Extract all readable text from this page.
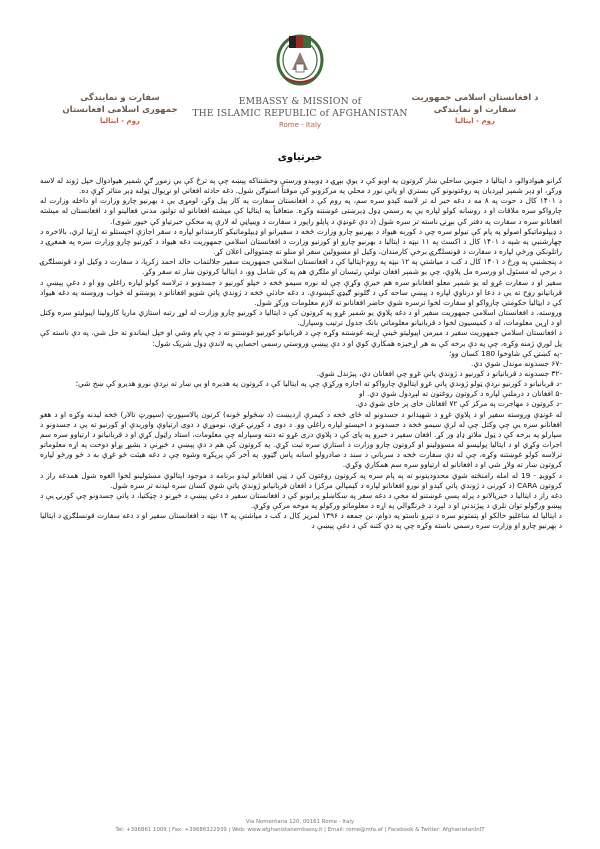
سفارت و نمایندگی
جمهوری اسلامی افغانستان
روم - ایتالیا
EMBASSY & MISSION of
THE ISLAMIC REPUBLIC of AFGHANISTAN
Rome - Italy
د افغانستان اسلامی جمهوریت
سفارت او نمایندګی
روم - ایتالیا
خبرتیاوی

کرانو هیوادوالو، د ایتالیا د جنوبي ساحلي ښار کروتون په اوبو کې د یوې بېړۍ د ډوبېدو ورستي وحشتناکه پېښه چې په ترڅ کې یې زموږ ګڼ شمېر هیوادوال خپل ژوند له لاسه ورکړ، او ډېر شمېر لېږدیان په روغتونونو کې بستري او پاتې نور د محلي په مرکزونو کې موقتاً استوګن شول. دغه حادثه افغاني او نړیوال ټولنه ډېر متاثر کړې ده.

د ۱۴۰۱ کال د حوت په ۸ مه د دغه خبر له تر لاسه کېدو سره سم، په روم کې د افغانستان سفارت په کار پیل وکړ، لومړی یې د بهرنیو چارو وزارت او داخله وزارت له چارواکو سره ملاقات او د روښانه کولو لپاره یې په رسمي ډول ډېرښتی غوښتنه وکړه. متعاقباً په ایتالیا کې مېشته افغانانو له تولنو، مدني فعالینو او د افغانستان له مېشته افغانانو سره د سفارت په دفتر کې بېړنۍ ناسته تر سره شول (د دې غونډې د پایلو راپور د سفارت د ویبپاڼې له لارې په مخکې خبرتیاو کې خپور شوی).

د ډیپلوماتیکو اصولو په پام کې نیولو سره چې د کوربه هیواد د بهرنیو چارو وزارت څخه د سفیرانو او ډیپلوماتیکو کارمندانو لپاره د سفر اجازې اخیستلو ته اړتیا لري، بالاخره د چهارشنبې په شپه د ۱۴۰۱ کال د اکسث په ۱۱ نېټه د ایتالیا د بهرنیو چارو او کورنیو وزارت د افغانستان اسلامي جمهوریت دغه هیواد د کورنیو چارو وزارت سره په همغږۍ د راتلونکي ورځې لپاره د سفارت د قونسلګرۍ برخې کارمندان، وکیل او مسوولین سفر او منلو ته چمتووالی اعلان کړ.

د پنجشنبې په ورځ د ۱۴۰۱ کال د کب د میاشتې په ۱۲ نېټه په روم-ایتالیا کې د افغانستان اسلامي جمهوریت سفیر جلالتماب خالد احمد زکریا، د سفارت د وکیل او د قونسلګرۍ د برخې له مسئول او ورسره مل پلاوي، چې یو شمېر افغان تولنې رئیسان او ملګري هم په کې شامل وو، د ایتالیا کروتون ښار ته سفر وکړ.

سفیر او د سفارت غړو له یو شمېر معلو افغانانو سره هم خبرې وکړې چې له نوره سیمو څخه د خپلو کورنیو د جسدونو د ترلاسه کولو لپاره راغلي وو او د دغې پېښې د قربانیانو روح ته یې د دعا او درناوي لپاره د پېښې ساحه کې د ګلونو ګیډۍ کېښودې. د دغه حادثې څخه د ژوندي پاتې شویو افغانانو د پوښتنو له ځواب وروسته په دغه هیواد کې د ایټالیا حکومتي چارواکو او سفارت لخوا ترسره شوي حاضر افغانانو ته لازم معلومات ورکړ شول.

وروسته، د افغانستان اسلامي جمهوریت سفیر او د دغه پلاوي یو شمېر غړو په کروتون کې د ایتالیا د کورنیو چارو وزارت له لوړ رتبه استازي ماریا کارولینا اپیولیتو سره وکتل او د اړین معلومات، له د کمیسیون لخوا د قربانیانو معلوماتي بانک جدول ترتیب وسپارل.

د افغانستان اسلامي جمهوریت سفیر د میرمن اپیولیتو ځینې اړینه غوښتنه وکړه چې د قربانیانو کورنیو غوښتنو ته د چې پام وشي او خپل ایماندو ته حل شي. په دې ناسته کې پل لوري ژمنه وکړه، چې په دې برخه کې به هر اړخیزه همکاري کوي او د دې پېښې وروستي رسمي احصایې په لاندې ډول شریک شول:

-په کښتۍ کې شاوخوا 180 کسان وو؛
-۶۷ جسدونه موندل شوي دي.
-۳۲ جسدونه د قربانیانو د کورنیو د ژوندي پاتې غړو چې افغانان دي، پیژندل شوي.
-د قربانیانو د کورنیو نږدې ټولو ژوندي پاتې غړو ایتالوي چارواکو ته اجازه ورکړې چې په ایتالیا کې د کروتون په هدیره او یې ښار ته نږدې نورو هدیرو کې ښخ شي؛
-۵ افغانان د درملنې لپاره د کروتون روغتون ته لېږدول شوي دي. او
-د کروتون د مهاجرت په مرکز کې ۷۲ افغانان خای پر خای شوي دي.

له غونډې وروسته سفیر او د پلاوي غړو د شهیدانو د جسدونو له ځای څخه د کیمرې اردیښت (د ښځولو ځونه) کرتون پالاسیورټ (سپورټ تالار) څخه لیدنه وکړه او د هغو افغانانو سره یې چې وکتل چې له لرې سیمو څخه د جسدونو د اخیستو لپاره راغلي وو. د دوی د کورنۍ غړي، نوموړي د دوی ارتیاوې واورېدې او کورنیو ته یې د جسدونو د سپارلو په برخه کې د ټول ملاتړ ډاډ ور کړ. افغان سفیر د خبرو په پای کې د پلاوي دری غړو ته دننه وسپارله چې معلومات، استاد راټول کړي او د قربانیانو د ارتیاوو سره سم اجرات وکړي او د ایتالیا پولیسو له مسوولینو او کروتون چارو وزارت د استازي سره ثبت کړي. په کروتون کې هم د دې پېښې د څېړنې د بشپړ پړاو دوخت په اړه معلوماتو ترلاسه کولو غوښتنه وکړه، چې له دې سفارت څخه د سرباني د سند د صادرولو اسانه پاس ګټوو. په آخر کې پریکړه وشوه چې د دغه هیئت ځو غړي به د ځو ورځو لپاره کروتون ښار ته ولاړ شي او د افغانانو له ارتیاوو سره سم همکاري وکړي.

د کوویډ - 19 له امله رامنځته شوي محدودیتونو ته په پام سره په کروتون روغتون کې د ټپي افغانانو لیدو برنامه د موجود ایتالوي مسئولینو لخوا الغوه شول همدغه راز د کروتون CARA (د کورنی د ژوندي پاتې کېدو او نورو افغانانو لپاره د کېمپالي مرکز) د افغان قربانیانو ژوندي پاتې شوي کسان سره لیدنه تر سره شول.

دغه راز د ایتالیا د خبریالانو د پرله پسې غوښتنو له مخې د دغه سفر په ښکاښلو پرانونو کې د افغانستان سفیر د دغې پېښې د څېړنو د چټکتیا، د پاتې جسدونو چې کورنۍ یې د پېښو ورګولو توان نلري د پیژندنې او د لېږد د ځرنګوالي په اړه د معلوماتو ورکولو په موخه مرکې وکړې.

د ایتالیا له ښاغلیو خالکو او پتمتونو سره د تېرو ناستو په دوام، نن جمعه د ۱۳۹۶ لمریز کال د کب د میاشتې په ۱۴ نېټه د افغانستان سفیر او د دغه سفارت قونسلګرۍ د ایتالیا د بهرنیو چارو او وزارت سره رسمي ناسته وکړه چې په دې کتنه کې د دغې پېښې د

Via Nomentana 120, 00161 Rome - Italy
Tel: +396861 1009 | Fax: +39686322939 | Web: www.afghanistanembassy.it | Email: rome@mfa.af | Facebook & Twitter: AfghanistanInIT
